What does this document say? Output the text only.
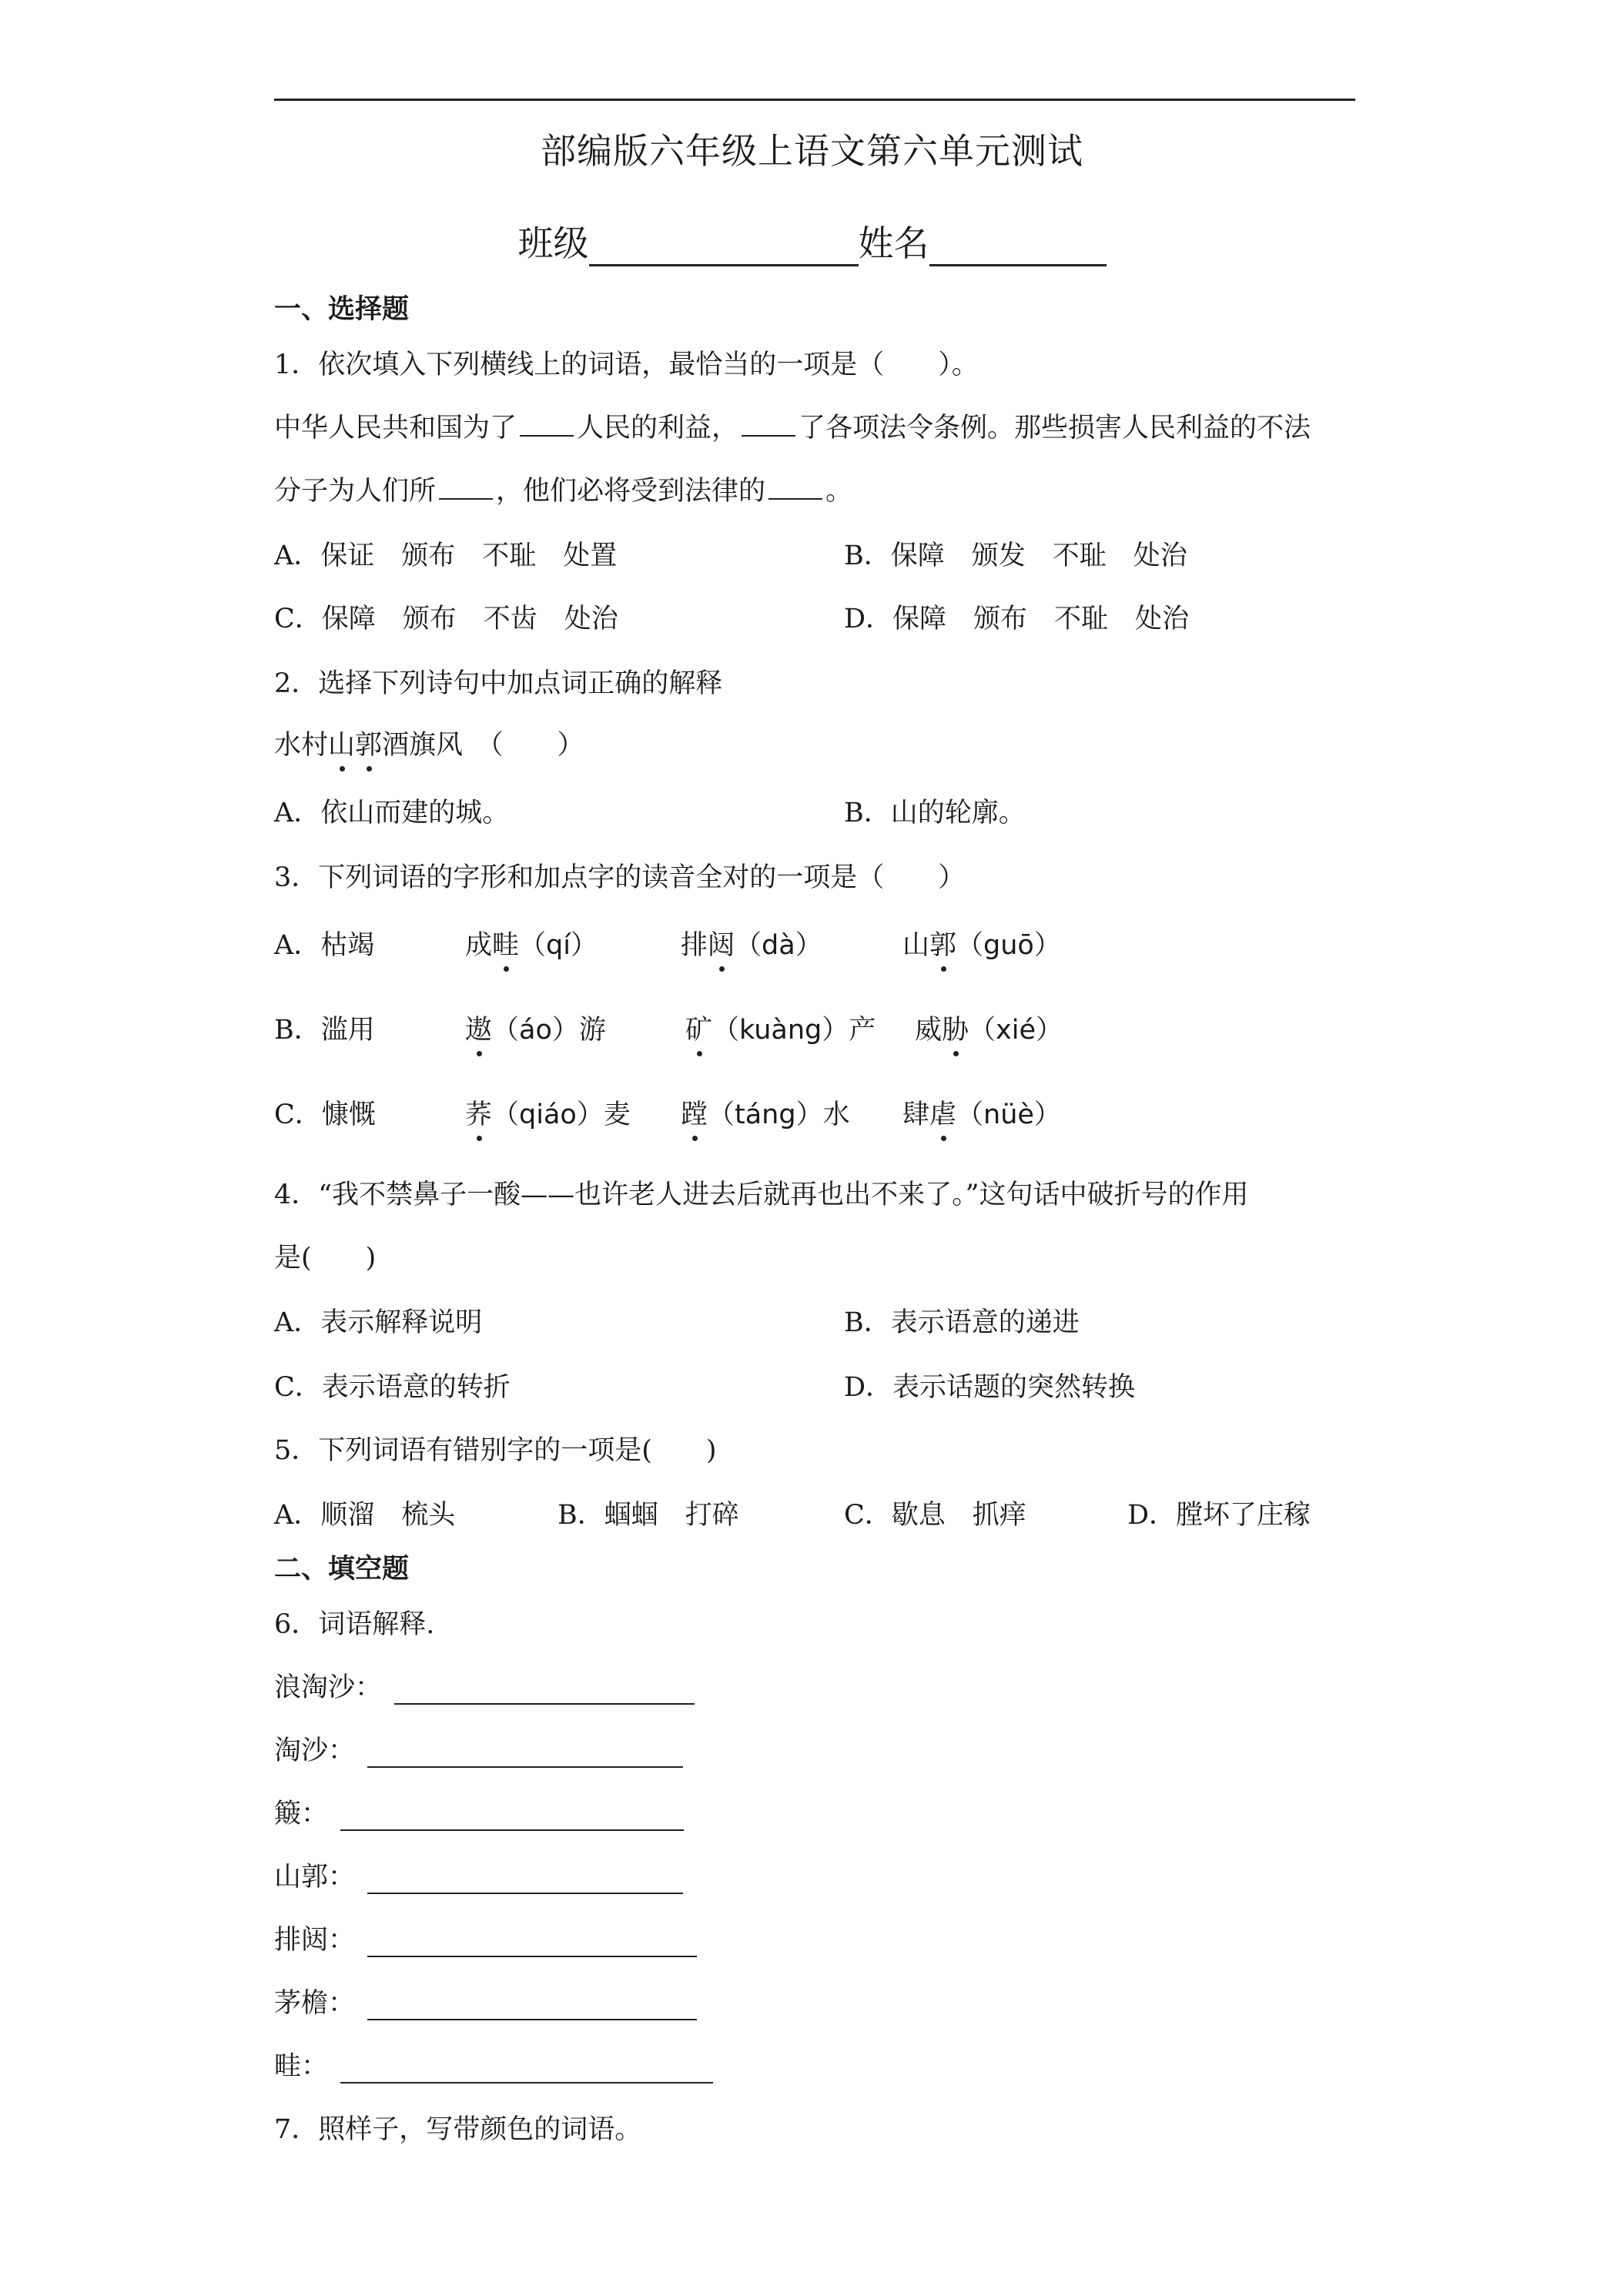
部编版六年级上语文第六单元测试
班级	姓名
一、选择题
1．依次填入下列横线上的词语，最恰当的一项是（　　）。
中华人民共和国为了 人民的利益， 了各项法令条例。那些损害人民利益的不法
分子为人们所 ，他们必将受到法律的 。
A．保证　颁布　不耻　处置	B．保障　颁发　不耻　处治
C．保障　颁布　不齿　处治	D．保障　颁布　不耻　处治
2．选择下列诗句中加点词正确的解释
水村山郭酒旗风　（　　）
A．依山而建的城。	B．山的轮廓。
3．下列词语的字形和加点字的读音全对的一项是（　　）
A．枯竭	成畦（qí）	排闼（dà）	山郭（guō）
B．滥用	遨（áo）游	矿（kuàng）产 威胁（xié）
C．慷慨	荞（qiáo）麦 蹚（táng）水 肆虐（nüè）
4．“我不禁鼻子一酸——也许老人进去后就再也出不来了。”这句话中破折号的作用
是(　　)
A．表示解释说明	B．表示语意的递进
C．表示语意的转折	D．表示话题的突然转换
5．下列词语有错别字的一项是(　　)
A．顺溜　梳头	B．蝈蝈　打碎	C．歇息　抓痒	D．膛坏了庄稼
二、填空题
6．词语解释.
浪淘沙：
淘沙：
簸：
山郭：
排闼：
茅檐：
畦：
7．照样子，写带颜色的词语。
